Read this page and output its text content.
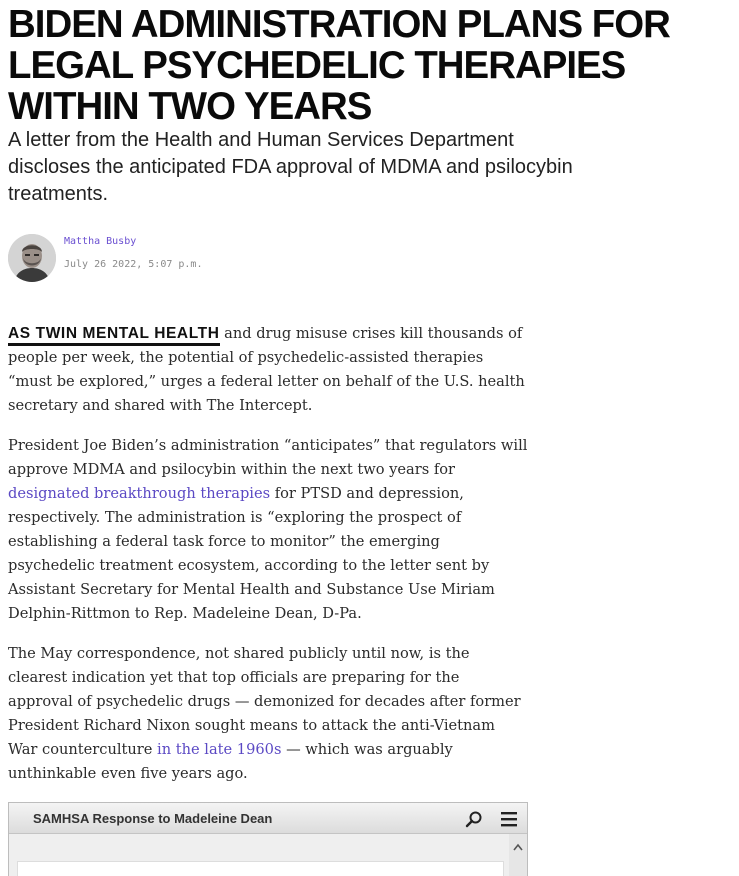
BIDEN ADMINISTRATION PLANS FOR LEGAL PSYCHEDELIC THERAPIES WITHIN TWO YEARS

A letter from the Health and Human Services Department discloses the anticipated FDA approval of MDMA and psilocybin treatments.

Mattha Busby
July 26 2022, 5:07 p.m.

AS TWIN MENTAL HEALTH and drug misuse crises kill thousands of people per week, the potential of psychedelic-assisted therapies “must be explored,” urges a federal letter on behalf of the U.S. health secretary and shared with The Intercept.

President Joe Biden’s administration “anticipates” that regulators will approve MDMA and psilocybin within the next two years for designated breakthrough therapies for PTSD and depression, respectively. The administration is “exploring the prospect of establishing a federal task force to monitor” the emerging psychedelic treatment ecosystem, according to the letter sent by Assistant Secretary for Mental Health and Substance Use Miriam Delphin-Rittmon to Rep. Madeleine Dean, D-Pa.

The May correspondence, not shared publicly until now, is the clearest indication yet that top officials are preparing for the approval of psychedelic drugs — demonized for decades after former President Richard Nixon sought means to attack the anti-Vietnam War counterculture in the late 1960s — which was arguably unthinkable even five years ago.

SAMHSA Response to Madeleine Dean
